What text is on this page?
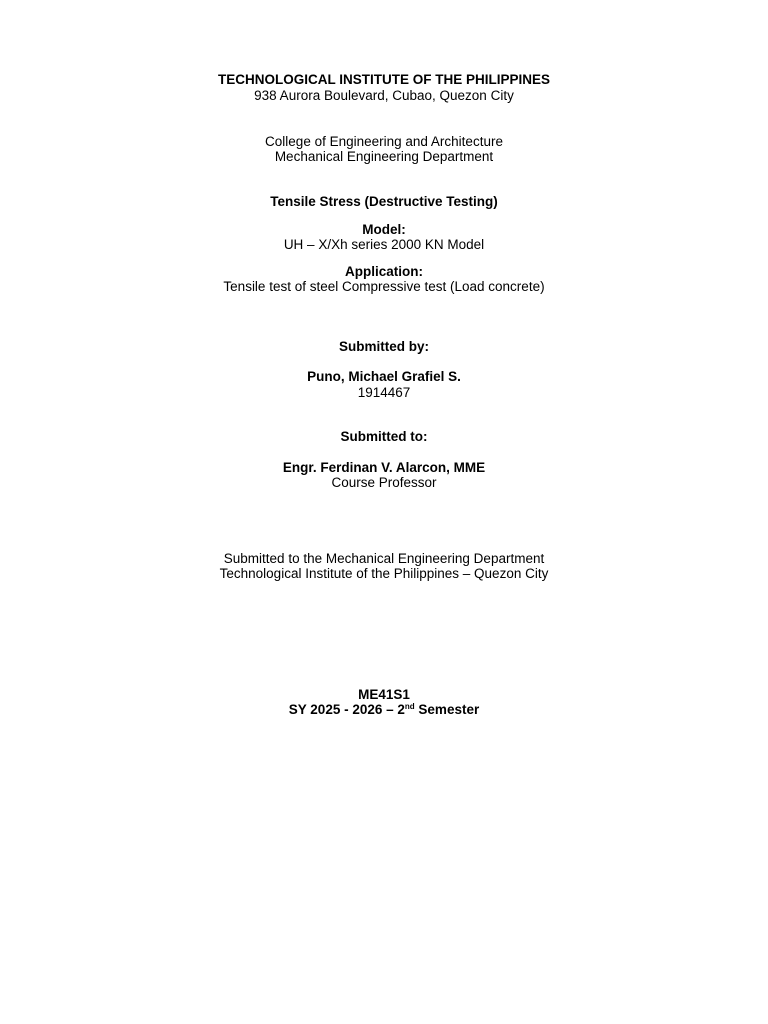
TECHNOLOGICAL INSTITUTE OF THE PHILIPPINES
938 Aurora Boulevard, Cubao, Quezon City
College of Engineering and Architecture
Mechanical Engineering Department
Tensile Stress (Destructive Testing)
Model:
UH – X/Xh series 2000 KN Model
Application:
Tensile test of steel Compressive test (Load concrete)
Submitted by:
Puno, Michael Grafiel S.
1914467
Submitted to:
Engr. Ferdinan V. Alarcon, MME
Course Professor
Submitted to the Mechanical Engineering Department
Technological Institute of the Philippines – Quezon City
ME41S1
SY 2025 - 2026 – 2nd Semester
